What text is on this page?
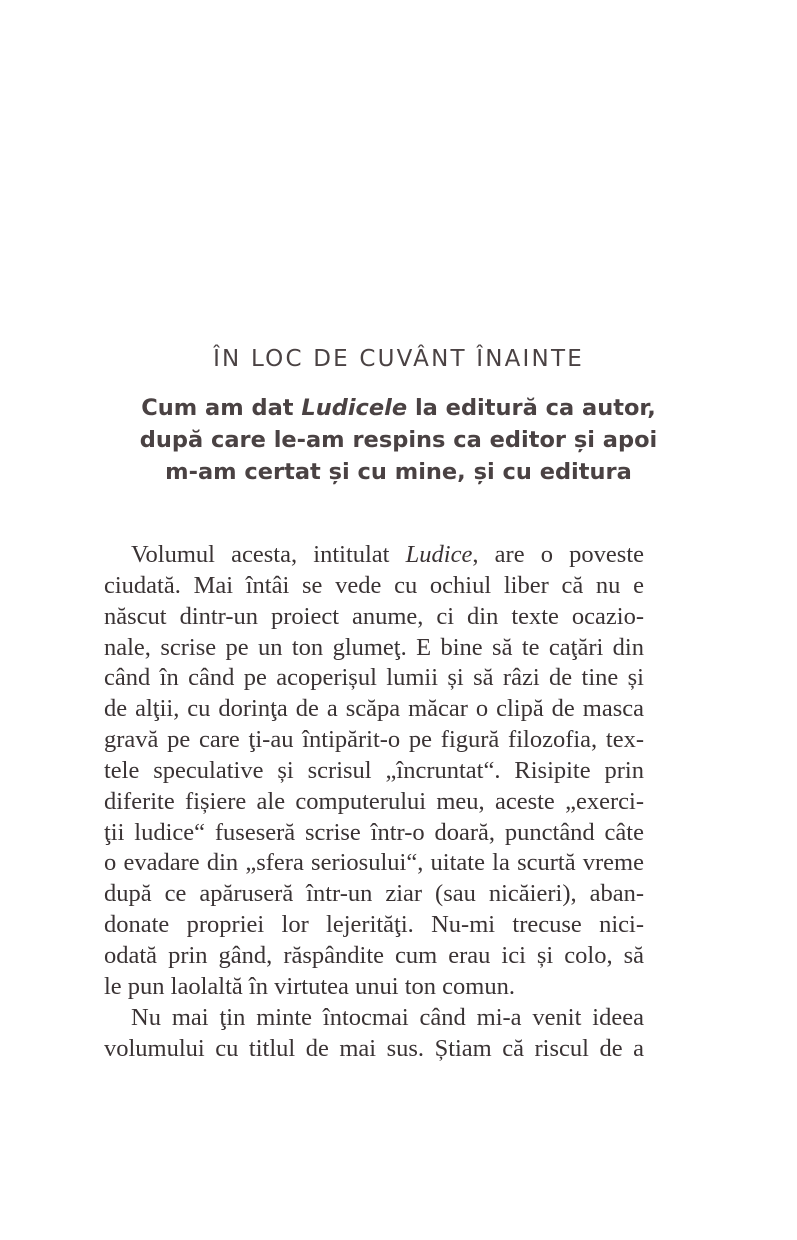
ÎN LOC DE CUVÂNT ÎNAINTE
Cum am dat Ludicele la editură ca autor,
după care le-am respins ca editor și apoi
m-am certat și cu mine, și cu editura
Volumul acesta, intitulat Ludice, are o poveste
ciudată. Mai întâi se vede cu ochiul liber că nu e
născut dintr-un proiect anume, ci din texte ocazio-
nale, scrise pe un ton glumeţ. E bine să te caţări din
când în când pe acoperișul lumii și să râzi de tine și
de alţii, cu dorinţa de a scăpa măcar o clipă de masca
gravă pe care ţi-au întipărit-o pe figură filozofia, tex-
tele speculative și scrisul „încruntat“. Risipite prin
diferite fișiere ale computerului meu, aceste „exerci-
ţii ludice“ fuseseră scrise într-o doară, punctând câte
o evadare din „sfera seriosului“, uitate la scurtă vreme
după ce apăruseră într-un ziar (sau nicăieri), aban-
donate propriei lor lejerităţi. Nu-mi trecuse nici-
odată prin gând, răspândite cum erau ici și colo, să
le pun laolaltă în virtutea unui ton comun.
Nu mai ţin minte întocmai când mi-a venit ideea
volumului cu titlul de mai sus. Știam că riscul de a
